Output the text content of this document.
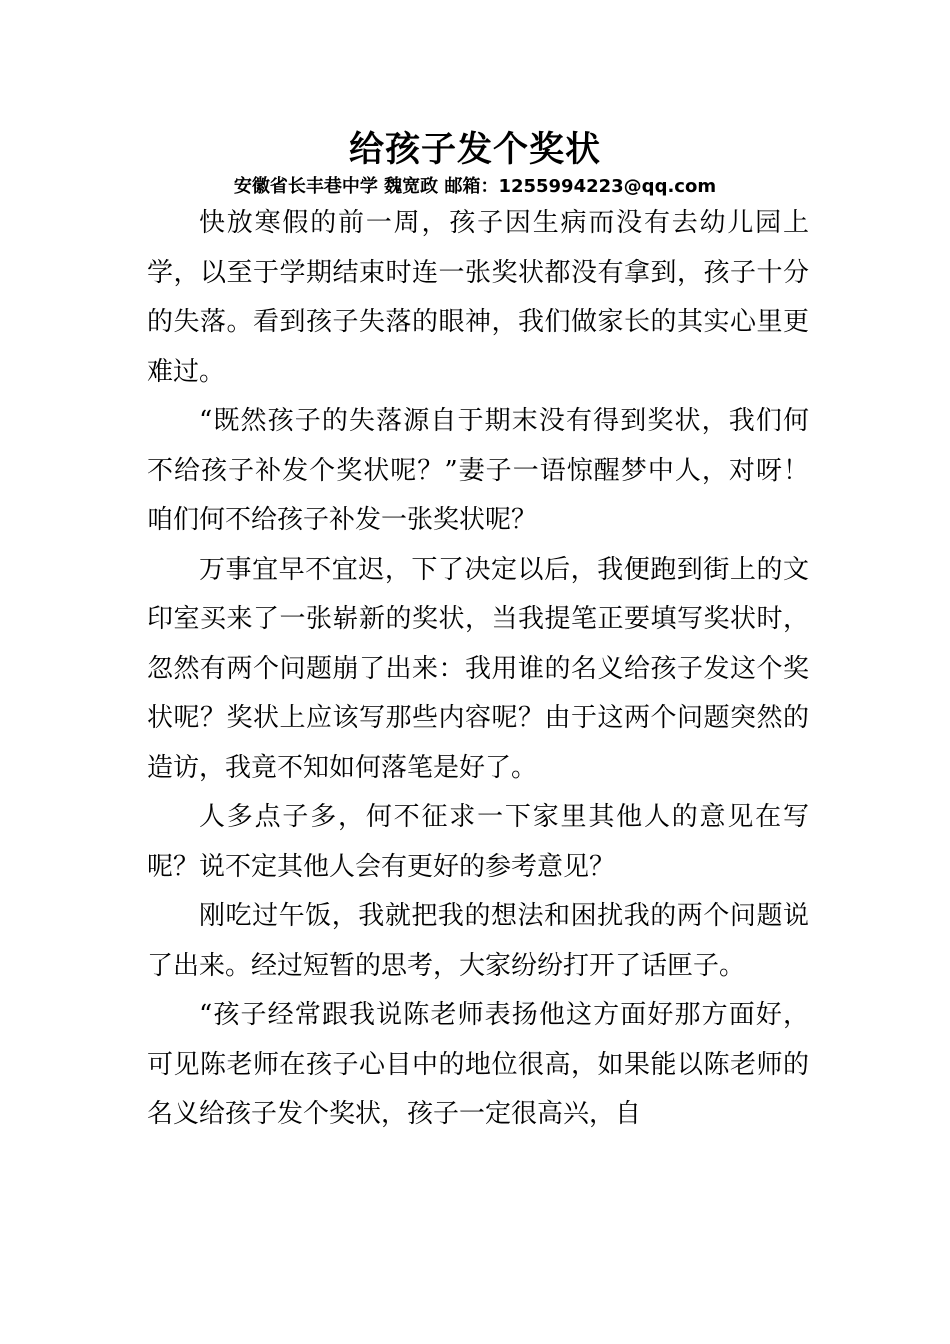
给孩子发个奖状
安徽省长丰巷中学 魏宽政 邮箱：1255994223@qq.com

快放寒假的前一周，孩子因生病而没有去幼儿园上学，以至于学期结束时连一张奖状都没有拿到，孩子十分的失落。看到孩子失落的眼神，我们做家长的其实心里更难过。

“既然孩子的失落源自于期末没有得到奖状，我们何不给孩子补发个奖状呢？”妻子一语惊醒梦中人，对呀！咱们何不给孩子补发一张奖状呢？

万事宜早不宜迟，下了决定以后，我便跑到街上的文印室买来了一张崭新的奖状，当我提笔正要填写奖状时，忽然有两个问题崩了出来：我用谁的名义给孩子发这个奖状呢？奖状上应该写那些内容呢？由于这两个问题突然的造访，我竟不知如何落笔是好了。

人多点子多，何不征求一下家里其他人的意见在写呢？说不定其他人会有更好的参考意见？

刚吃过午饭，我就把我的想法和困扰我的两个问题说了出来。经过短暂的思考，大家纷纷打开了话匣子。

“孩子经常跟我说陈老师表扬他这方面好那方面好，可见陈老师在孩子心目中的地位很高，如果能以陈老师的名义给孩子发个奖状，孩子一定很高兴，自
